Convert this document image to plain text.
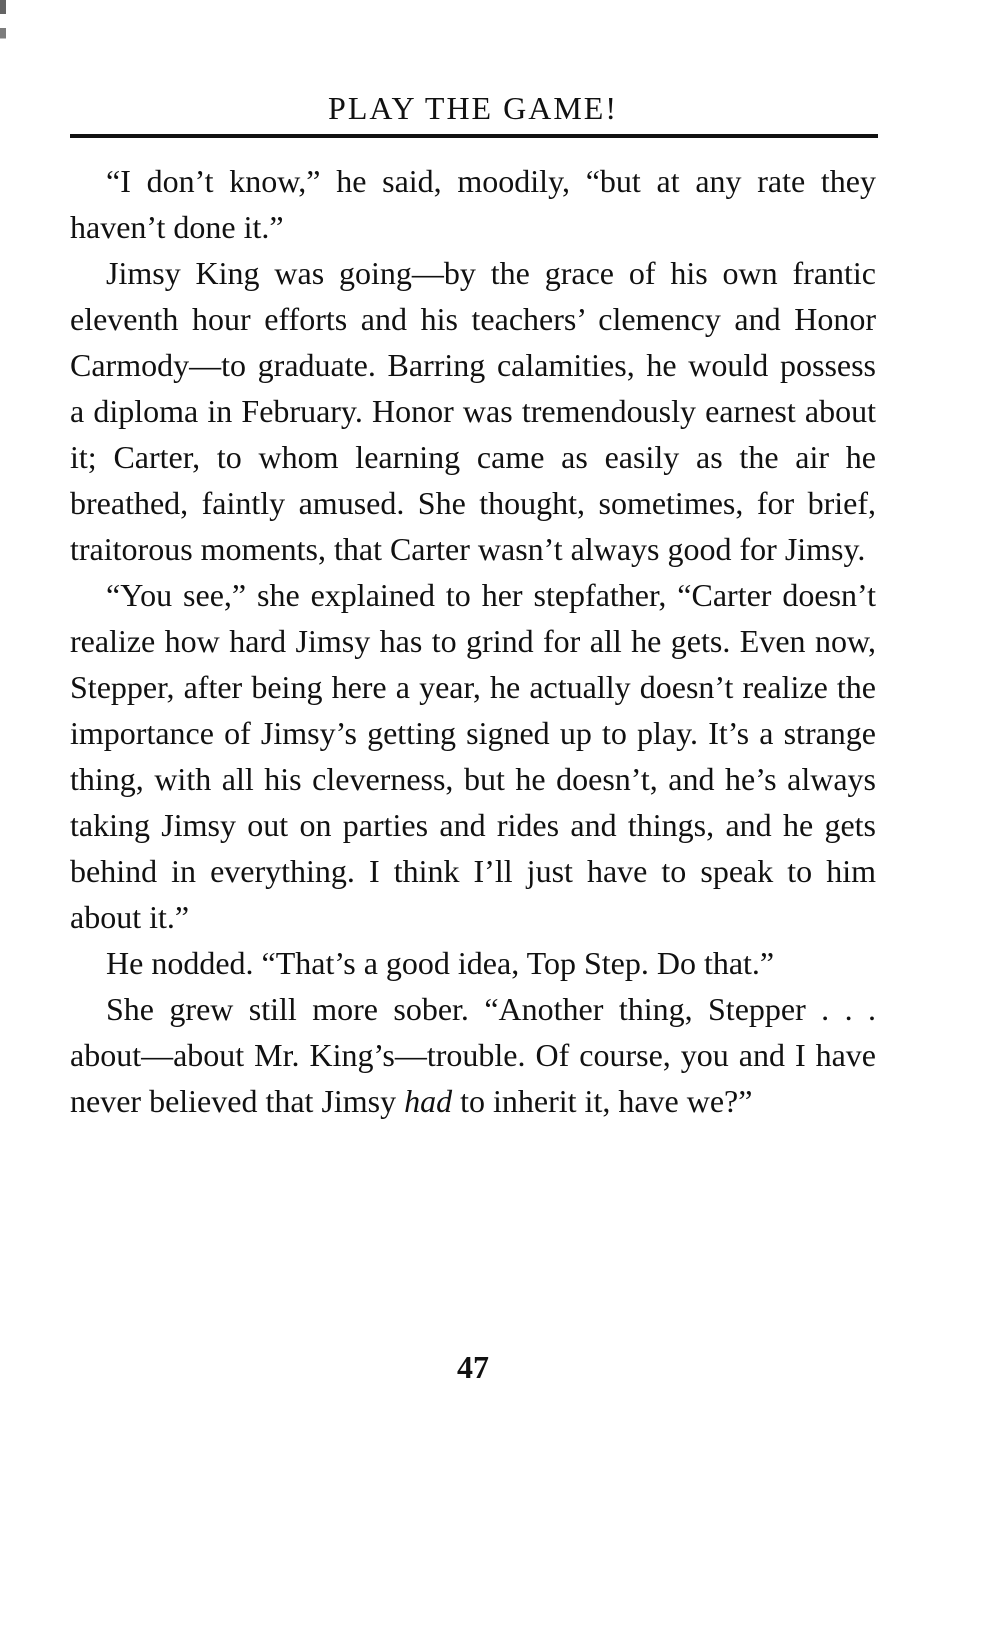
PLAY THE GAME!

“I don’t know,” he said, moodily, “but at any rate they haven’t done it.”

Jimsy King was going—by the grace of his own frantic eleventh hour efforts and his teachers’ clemency and Honor Carmody—to graduate. Barring calamities, he would possess a diploma in February. Honor was tremendously earnest about it; Carter, to whom learning came as easily as the air he breathed, faintly amused. She thought, sometimes, for brief, traitorous moments, that Carter wasn’t always good for Jimsy.

“You see,” she explained to her stepfather, “Carter doesn’t realize how hard Jimsy has to grind for all he gets. Even now, Stepper, after being here a year, he actually doesn’t realize the importance of Jimsy’s getting signed up to play. It’s a strange thing, with all his cleverness, but he doesn’t, and he’s always taking Jimsy out on parties and rides and things, and he gets behind in everything. I think I’ll just have to speak to him about it.”

He nodded. “That’s a good idea, Top Step. Do that.”

She grew still more sober. “Another thing, Stepper . . . about—about Mr. King’s—trouble. Of course, you and I have never believed that Jimsy had to inherit it, have we?”

47
